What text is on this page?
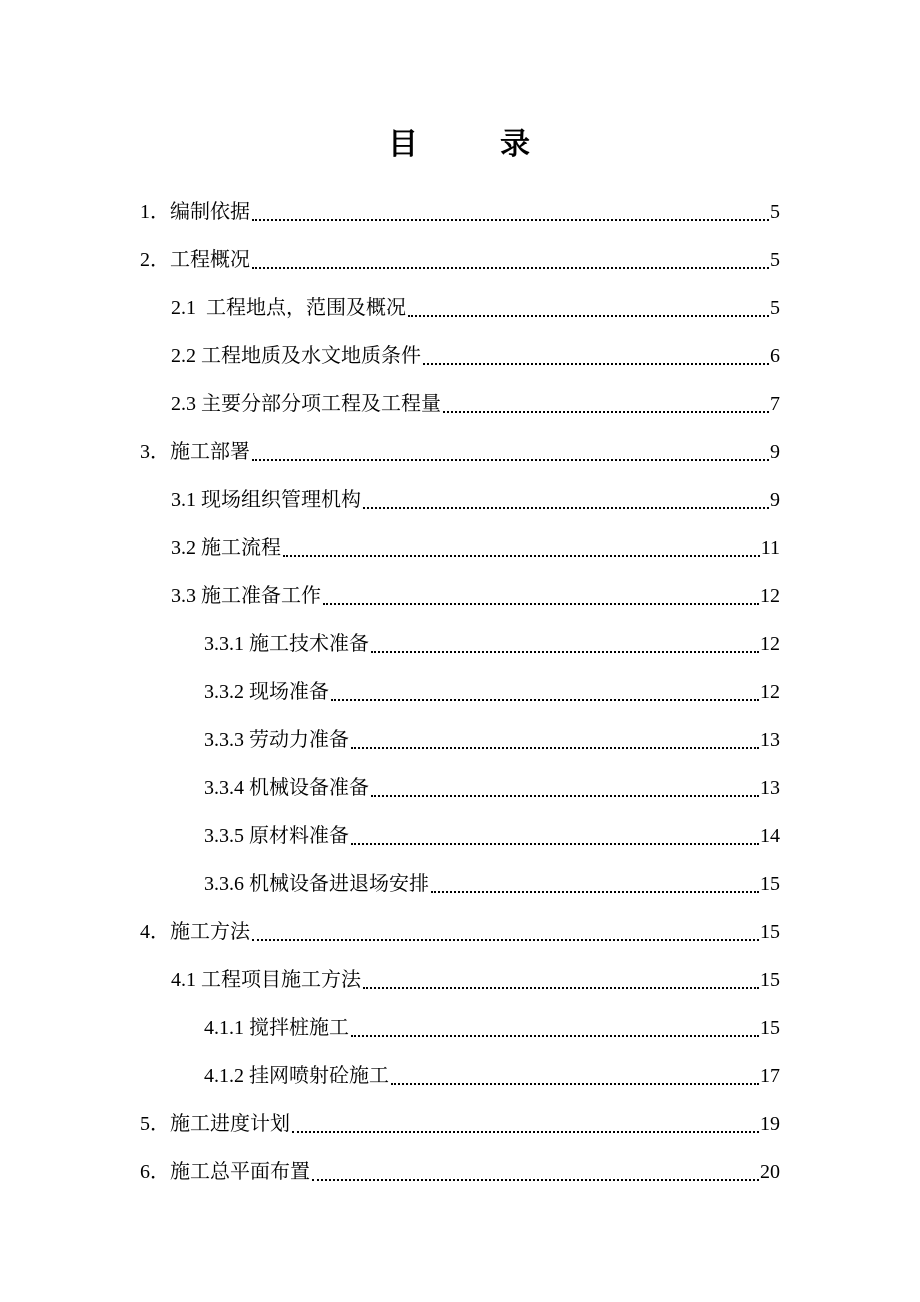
目	录
1． 编制依据	5
2． 工程概况	5
2.1 工程地点，范围及概况	5
2.2 工程地质及水文地质条件	6
2.3 主要分部分项工程及工程量	7
3． 施工部署	9
3.1 现场组织管理机构	9
3.2 施工流程	11
3.3 施工准备工作	12
3.3.1 施工技术准备	12
3.3.2 现场准备	12
3.3.3 劳动力准备	13
3.3.4 机械设备准备	13
3.3.5 原材料准备	14
3.3.6 机械设备进退场安排	15
4． 施工方法	15
4.1 工程项目施工方法	15
4.1.1 搅拌桩施工	15
4.1.2 挂网喷射砼施工	17
5． 施工进度计划	19
6． 施工总平面布置	20
